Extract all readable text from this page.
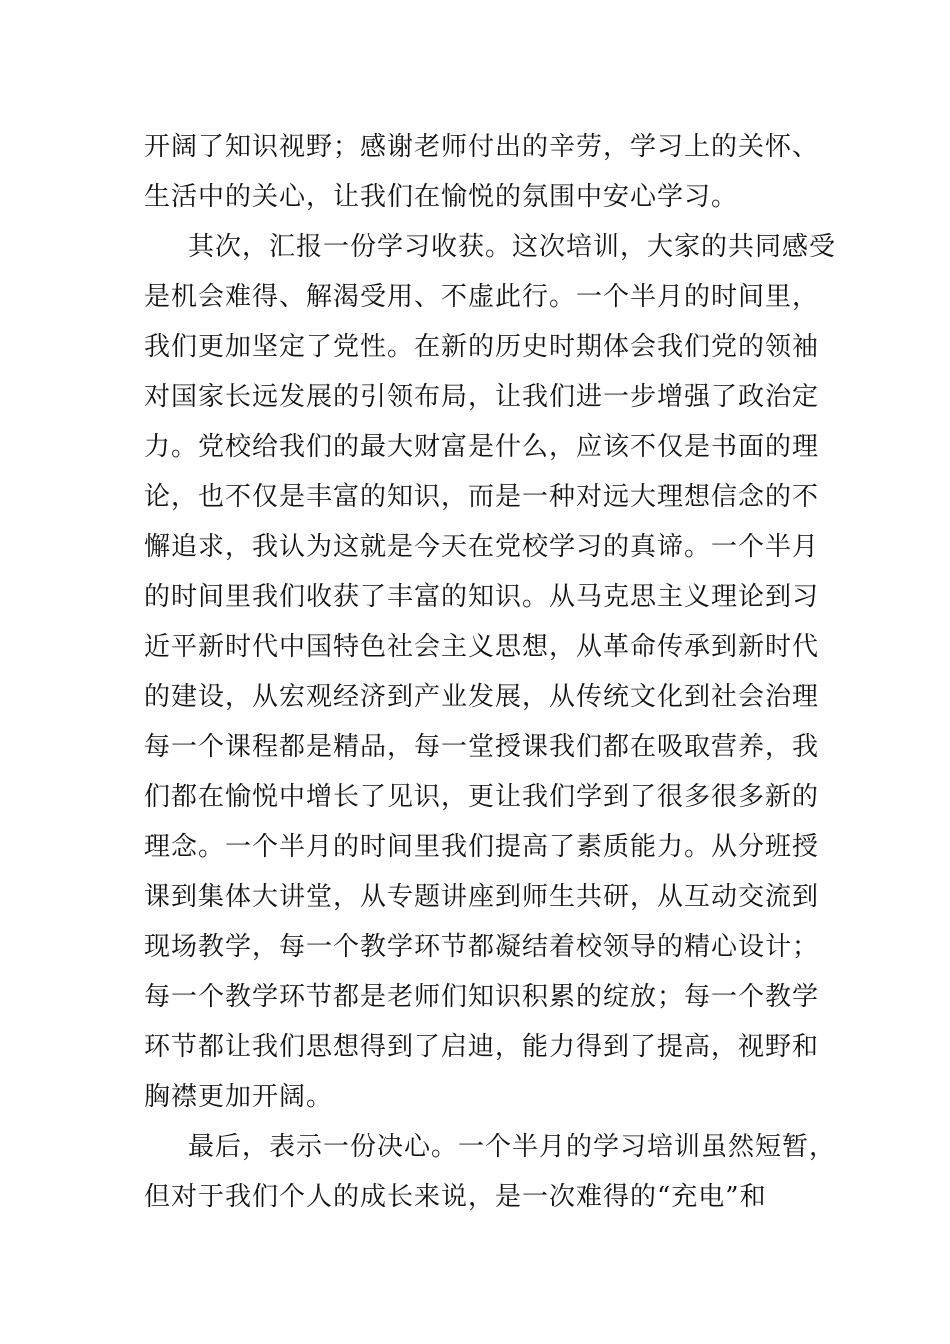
开阔了知识视野；感谢老师付出的辛劳，学习上的关怀、
生活中的关心，让我们在愉悦的氛围中安心学习。
其次，汇报一份学习收获。这次培训，大家的共同感受
是机会难得、解渴受用、不虚此行。一个半月的时间里，
我们更加坚定了党性。在新的历史时期体会我们党的领袖
对国家长远发展的引领布局，让我们进一步增强了政治定
力。党校给我们的最大财富是什么，应该不仅是书面的理
论，也不仅是丰富的知识，而是一种对远大理想信念的不
懈追求，我认为这就是今天在党校学习的真谛。一个半月
的时间里我们收获了丰富的知识。从马克思主义理论到习
近平新时代中国特色社会主义思想，从革命传承到新时代
的建设，从宏观经济到产业发展，从传统文化到社会治理
每一个课程都是精品，每一堂授课我们都在吸取营养，我
们都在愉悦中增长了见识，更让我们学到了很多很多新的
理念。一个半月的时间里我们提高了素质能力。从分班授
课到集体大讲堂，从专题讲座到师生共研，从互动交流到
现场教学，每一个教学环节都凝结着校领导的精心设计；
每一个教学环节都是老师们知识积累的绽放；每一个教学
环节都让我们思想得到了启迪，能力得到了提高，视野和
胸襟更加开阔。
最后，表示一份决心。一个半月的学习培训虽然短暂，
但对于我们个人的成长来说，是一次难得的“充电”和
